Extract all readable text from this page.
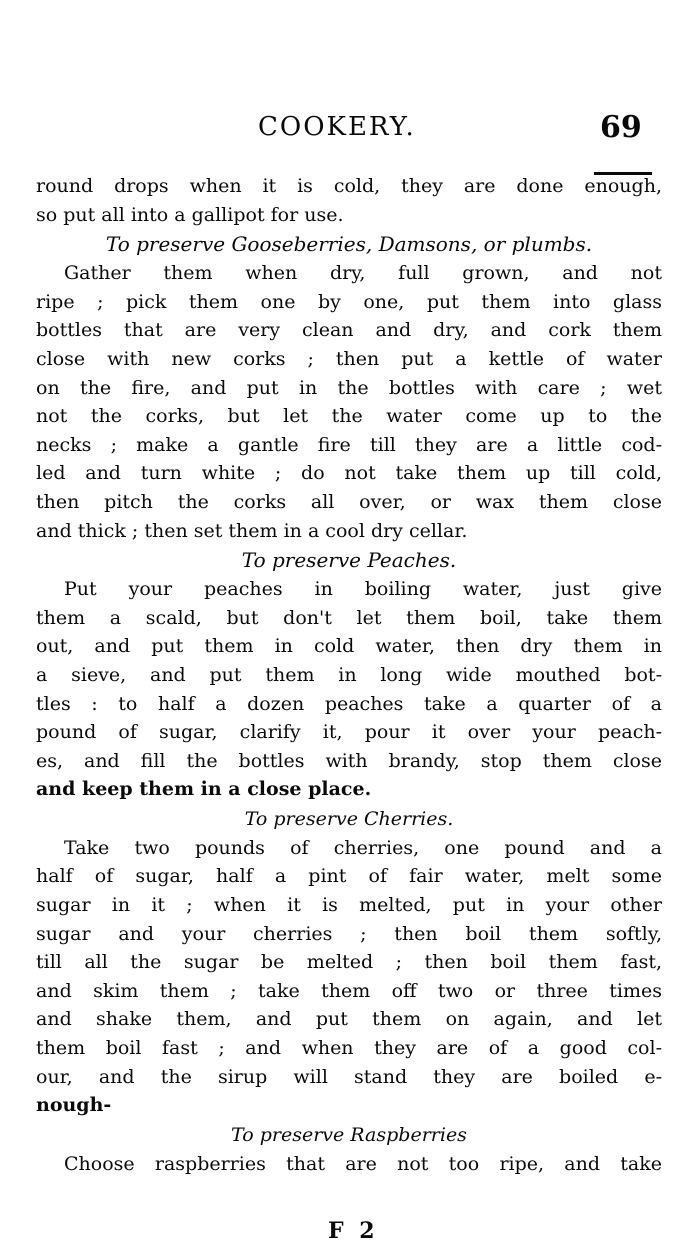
COOKERY.	69
round drops when it is cold, they are done enough,
so put all into a gallipot for use.
To preserve Gooseberries, Damsons, or plumbs.
Gather them when dry, full grown, and not
ripe ; pick them one by one, put them into glass
bottles that are very clean and dry, and cork them
close with new corks ; then put a kettle of water
on the fire, and put in the bottles with care ; wet
not the corks, but let the water come up to the
necks ; make a gantle fire till they are a little cod-
led and turn white ; do not take them up till cold,
then pitch the corks all over, or wax them close
and thick ; then set them in a cool dry cellar.
To preserve Peaches.
Put your peaches in boiling water, just give
them a scald, but don't let them boil, take them
out, and put them in cold water, then dry them in
a sieve, and put them in long wide mouthed bot-
tles : to half a dozen peaches take a quarter of a
pound of sugar, clarify it, pour it over your peach-
es, and fill the bottles with brandy, stop them close
and keep them in a close place.
To preserve Cherries.
Take two pounds of cherries, one pound and a
half of sugar, half a pint of fair water, melt some
sugar in it ; when it is melted, put in your other
sugar and your cherries ; then boil them softly,
till all the sugar be melted ; then boil them fast,
and skim them ; take them off two or three times
and shake them, and put them on again, and let
them boil fast ; and when they are of a good col-
our, and the sirup will stand they are boiled e-
nough-
To preserve Raspberries
Choose raspberries that are not too ripe, and take
F 2
